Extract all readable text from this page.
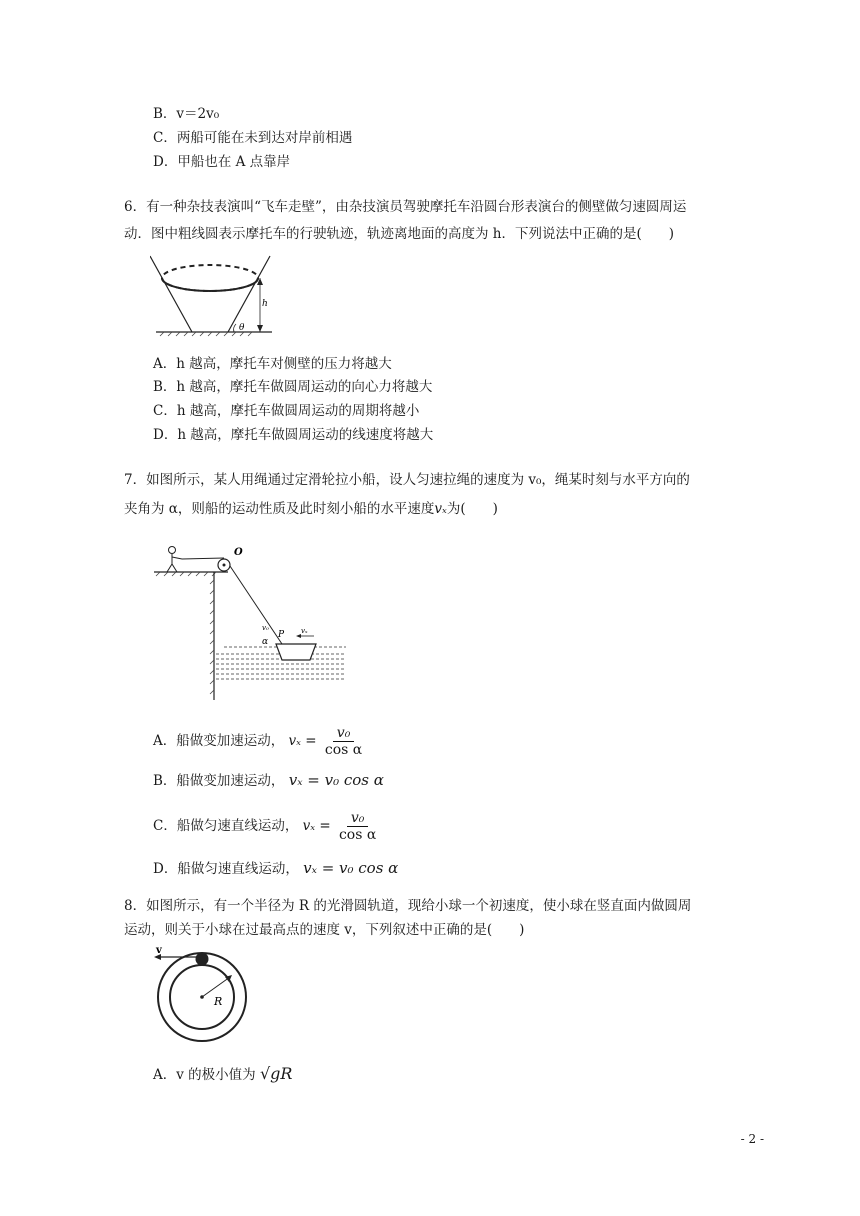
B．v＝2v₀
C．两船可能在未到达对岸前相遇
D．甲船也在 A 点靠岸
6．有一种杂技表演叫“飞车走壁”，由杂技演员驾驶摩托车沿圆台形表演台的侧壁做匀速圆周运
动．图中粗线圆表示摩托车的行驶轨迹，轨迹离地面的高度为 h．下列说法中正确的是(　　)
h
θ
A．h 越高，摩托车对侧壁的压力将越大
B．h 越高，摩托车做圆周运动的向心力将越大
C．h 越高，摩托车做圆周运动的周期将越小
D．h 越高，摩托车做圆周运动的线速度将越大
7．如图所示，某人用绳通过定滑轮拉小船，设人匀速拉绳的速度为 v₀，绳某时刻与水平方向的
夹角为 α，则船的运动性质及此时刻小船的水平速度vₓ为(　　)
O
vₓ
v₀
P
α
A．船做变加速运动， $v_x = \frac{\text{v₀}}{\text{cos α}}$
B．船做变加速运动， vₓ = v₀ cos α
C．船做匀速直线运动， $v_x = \frac{\text{v₀}}{\text{cos α}}$
D．船做匀速直线运动， vₓ = v₀ cos α
8．如图所示，有一个半径为 R 的光滑圆轨道，现给小球一个初速度，使小球在竖直面内做圆周
运动，则关于小球在过最高点的速度 v，下列叙述中正确的是(　　)
v
R
A．v 的极小值为 √gR
- 2 -
